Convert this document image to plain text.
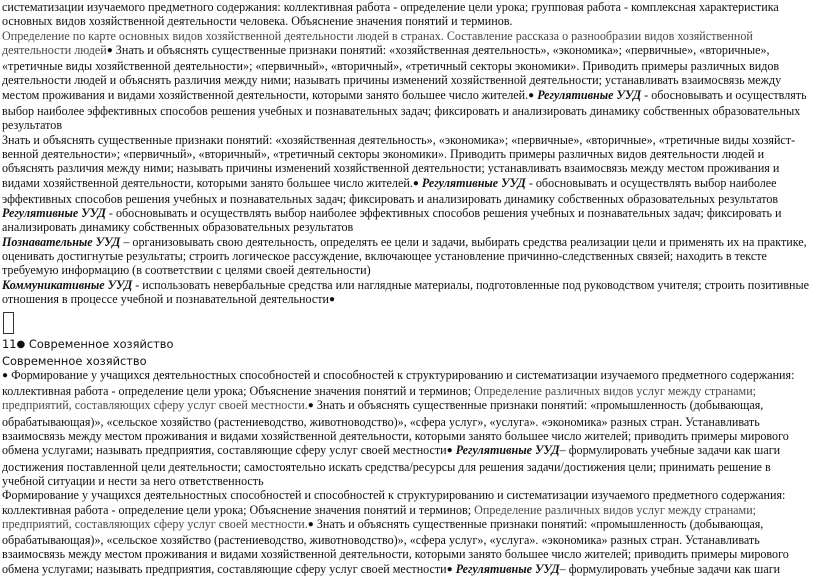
систематизации изучаемого предметного содержания: коллективная работа - определение цели урока; групповая работа - комплексная характеристика основных видов хозяйственной деятельности человека. Объяснение значения понятий и терминов.

Определение по карте основных видов хозяйственной деятельности людей в странах. Составление рассказа о разнообразии видов хозяйственной деятельности людей● Знать и объяснять существенные признаки понятий: «хозяйственная деятельность», «экономика»; «первичные», «вторичные», «третичные виды хозяйственной деятельности»; «первичный», «вторичный», «третичный секторы экономики». Приводить примеры различных видов деятельности людей и объяснять различия между ними; называть причины изменений хозяйственной деятельности; устанавливать взаимосвязь между местом проживания и видами хозяйственной деятельности, которыми занято большее число жителей.● Регулятивные УУД - обосновывать и осуществлять выбор наиболее эффективных способов решения учебных и познавательных задач; фиксировать и анализировать динамику собственных образовательных результатов

Знать и объяснять существенные признаки понятий: «хозяйственная деятельность», «экономика»; «первичные», «вторичные», «третичные виды хозяйственной деятельности»; «первичный», «вторичный», «третичный секторы экономики». Приводить примеры различных видов деятельности людей и объяснять различия между ними; называть причины изменений хозяйственной деятельности; устанавливать взаимосвязь между местом проживания и видами хозяйственной деятельности, которыми занято большее число жителей.● Регулятивные УУД - обосновывать и осуществлять выбор наиболее эффективных способов решения учебных и познавательных задач; фиксировать и анализировать динамику собственных образовательных результатов

Регулятивные УУД - обосновывать и осуществлять выбор наиболее эффективных способов решения учебных и познавательных задач; фиксировать и анализировать динамику собственных образовательных результатов

Познавательные УУД – организовывать свою деятельность, определять ее цели и задачи, выбирать средства реализации цели и применять их на практике, оценивать достигнутые результаты; строить логическое рассуждение, включающее установление причинно-следственных связей; находить в тексте требуемую информацию (в соответствии с целями своей деятельности)

Коммуникативные УУД - использовать невербальные средства или наглядные материалы, подготовленные под руководством учителя; строить позитивные отношения в процессе учебной и познавательной деятельности●

11● Современное хозяйство

Современное хозяйство

● Формирование у учащихся деятельностных способностей и способностей к структурированию и систематизации изучаемого предметного содержания: коллективная работа - определение цели урока; Объяснение значения понятий и терминов; Определение различных видов услуг между странами; предприятий, составляющих сферу услуг своей местности.● Знать и объяснять существенные признаки понятий: «промышленность (добывающая, обрабатывающая)», «сельское хозяйство (растениеводство, животноводство)», «сфера услуг», «услуга». «экономика» разных стран. Устанавливать взаимосвязь между местом проживания и видами хозяйственной деятельности, которыми занято большее число жителей; приводить примеры мирового обмена услугами; называть предприятия, составляющие сферу услуг своей местности● Регулятивные УУД– формулировать учебные задачи как шаги достижения поставленной цели деятельности; самостоятельно искать средства/ресурсы для решения задачи/достижения цели; принимать решение в учебной ситуации и нести за него ответственность

Формирование у учащихся деятельностных способностей и способностей к структурированию и систематизации изучаемого предметного содержания: коллективная работа - определение цели урока; Объяснение значения понятий и терминов; Определение различных видов услуг между странами; предприятий, составляющих сферу услуг своей местности.● Знать и объяснять существенные признаки понятий: «промышленность (добывающая, обрабатывающая)», «сельское хозяйство (растениеводство, животноводство)», «сфера услуг», «услуга». «экономика» разных стран. Устанавливать взаимосвязь между местом проживания и видами хозяйственной деятельности, которыми занято большее число жителей; приводить примеры мирового обмена услугами; называть предприятия, составляющие сферу услуг своей местности● Регулятивные УУД– формулировать учебные задачи как шаги
